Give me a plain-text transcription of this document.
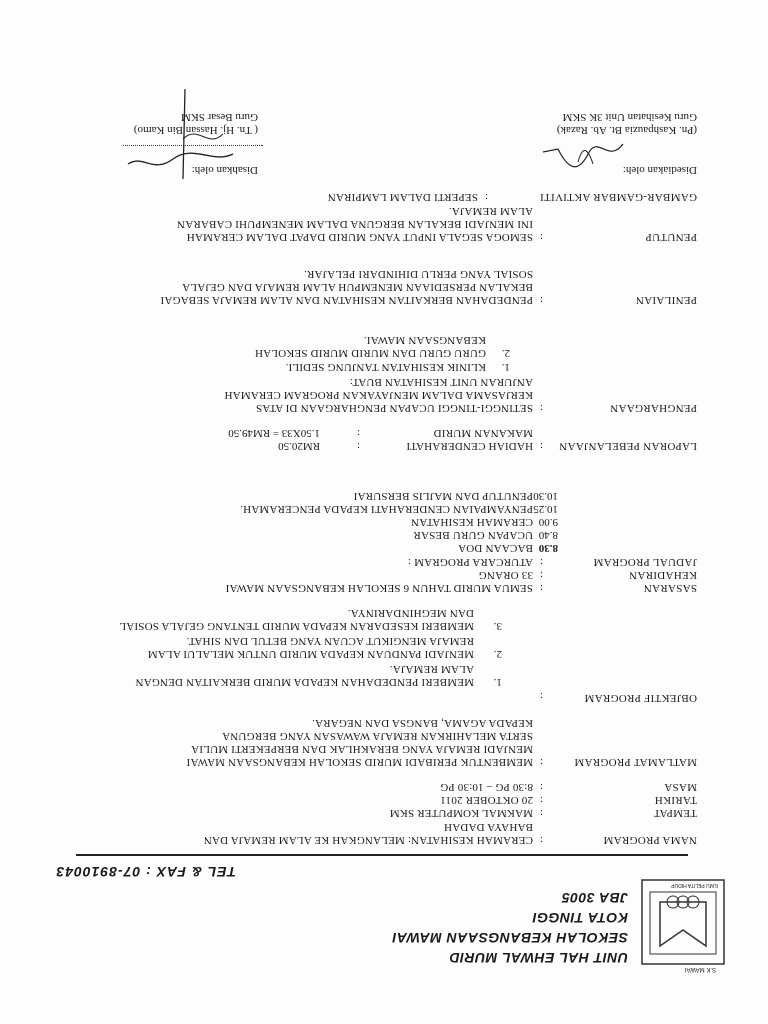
S.K MAWAI
ILMU PELITA HIDUP
UNIT HAL EHWAL MURID
SEKOLAH KEBANGSAAN MAWAI
KOTA TINGGI
JBA 3005
TEL & FAX : 07-8910043
NAMA PROGRAM
:
CERAMAH KESIHATAN: MELANGKAH KE ALAM REMAJA DAN
BAHAYA DADAH
TEMPAT
:
MAKMAL KOMPUTER SKM
TARIKH
:
20 OKTOBER 2011
MASA
:
8:30 PG – 10:30 PG
MATLAMAT PROGRAM
:
MEMBENTUK PERIBADI MURID SEKOLAH KEBANGSAAN MAWAI
MENJADI REMAJA YANG BERAKHLAK DAN BERPEKERTI MULIA
SERTA MELAHIRKAN REMAJA WAWASAN YANG BERGUNA
KEPADA AGAMA, BANGSA DAN NEGARA.
OBJEKTIF PROGRAM
:
1.
MEMBERI PENDEDAHAN KEPADA MURID BERKAITAN DENGAN
ALAM REMAJA.
2.
MENJADI PANDUAN KEPADA MURID UNTUK MELALUI ALAM
REMAJA MENGIKUT ACUAN YANG BETUL DAN SIHAT.
3.
MEMBERI KESEDARAN KEPADA MURID TENTANG GEJALA SOSIAL
DAN MEGHINDARINYA.
SASARAN
:
SEMUA MURID TAHUN 6 SEKOLAH KEBANGSAAN MAWAI
KEHADIRAN
:
33 ORANG
JADUAL PROGRAM
:
ATURCARA PROGRAM :
8.30
BACAAN DOA
8.40
UCAPAN GURU BESAR
9.00
CERAMAH KESIHATAN
10.25
PENYAMPAIAN CENDERAHATI KEPADA PENCERAMAH.
10.30
PENUTUP DAN MAJLIS BERSURAI
LAPORAN PEBELANJAAN
:
HADIAH CENDERAHATI
:
RM20.50
MAKANAN MURID
:
1.50X33 = RM49.50
PENGHARGAAN
:
SETINGGI-TINGGI UCAPAN PENGHARGAAN DI ATAS
KERJASAMA DALAM MENJAYAKAN PROGRAM CERAMAH
ANJURAN UNIT KESIHATAN BUAT:
1.
KLINIK KESIHATAN TANJUNG SEDILI.
2.
GURU GURU DAN MURID MURID SEKOLAH
KEBANGSAAN MAWAI.
PENILAIAN
:
PENDEDAHAN BERKAITAN KESIHATAN DAN ALAM REMAJA SEBAGAI
BEKALAN PERSEDIAAN MENEMPUH ALAM REMAJA DAN GEJALA
SOSIAL YANG PERLU DIHINDARI PELAJAR.
PENUTUP
:
SEMOGA SEGALA INPUT YANG MURID DAPAT DALAM CERAMAH
INI MENJADI BEKALAN BERGUNA DALAM MENEMPUHI CABARAN
ALAM REMAJA.
GAMBAR-GAMBAR AKTIVITI
:
SEPERTI DALAM LAMPIRAN
Disediakan oleh:
(Pn. Kashpauzia Bt. Ab. Razak)
Guru Kesihatan Unit 3K SKM
Disahkan oleh:
( Tn. Hj. Hassan Bin Kamo)
Guru Besar SKM
